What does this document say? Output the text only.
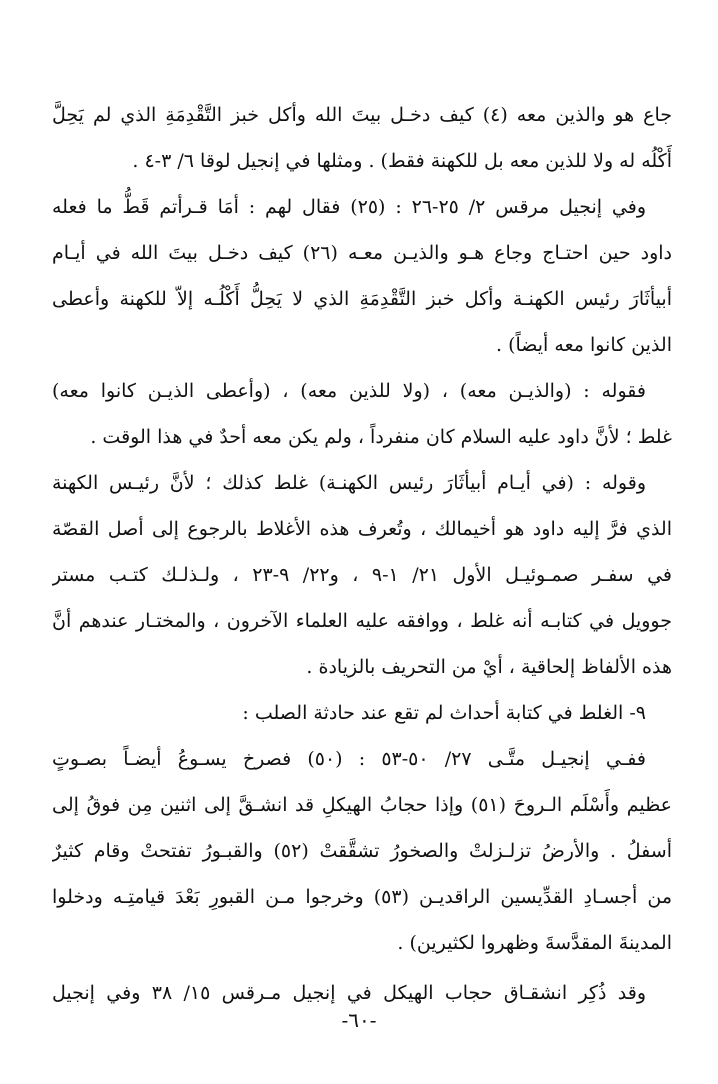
جاع هو والذين معه (٤) كيف دخـل بيتَ الله وأكل خبز التَّقْدِمَةِ الذي لم يَحِلَّ
أَكْلُه له ولا للذين معه بل للكهنة فقط) . ومثلها في إنجيل لوقا ٦/ ٣-٤ .
وفي إنجيل مرقس ٢/ ٢٥-٢٦ : (٢٥) فقال لهم : أمَا قـرأتم قَطُّ ما فعله
داود حين احتـاج وجاع هـو والذيـن معـه (٢٦) كيف دخـل بيتَ الله في أيـام
أبيأثَارَ رئيس الكهنـة وأكل خبز التَّقْدِمَةِ الذي لا يَحِلُّ أَكْلُـه إلاّ للكهنة وأعطى
الذين كانوا معه أيضاً) .
فقوله : (والذيـن معه) ، (ولا للذين معه) ، (وأعطى الذيـن كانوا معه)
غلط ؛ لأنَّ داود عليه السلام كان منفرداً ، ولم يكن معه أحدٌ في هذا الوقت .
وقوله : (في أيـام أبيأثَارَ رئيس الكهنـة) غلط كذلك ؛ لأنَّ رئيـس الكهنة
الذي فرَّ إليه داود هو أخيمالك ، وتُعرف هذه الأغلاط بالرجوع إلى أصل القصّة
في سفـر صمـوئيـل الأول ٢١/ ١-٩ ، و٢٢/ ٩-٢٣ ، ولـذلـك كتـب مستر
جوويل في كتابـه أنه غلط ، ووافقه عليه العلماء الآخرون ، والمختـار عندهم أنَّ
هذه الألفاظ إلحاقية ، أيْ من التحريف بالزيادة .
٩- الغلط في كتابة أحداث لم تقع عند حادثة الصلب :
ففـي إنجيـل متَّـى ٢٧/ ٥٠-٥٣ : (٥٠) فصرخ يسـوعُ أيضـاً بصـوتٍ
عظيم وأَسْلَم الـروحَ (٥١) وإذا حجابُ الهيكلِ قد انشـقَّ إلى اثنين مِن فوقُ إلى
أسفلُ . والأرضُ تزلـزلتْ والصخورُ تشقَّقتْ (٥٢) والقبـورُ تفتحتْ وقام كثيرٌ
من أجسـادِ القدِّيسين الراقديـن (٥٣) وخرجوا مـن القبورِ بَعْدَ قيامتِـه ودخلوا
المدينةَ المقدَّسةَ وظهروا لكثيرين) .
وقد ذُكِر انشقـاق حجاب الهيكل في إنجيل مـرقس ١٥/ ٣٨ وفي إنجيل
-٦٠-
